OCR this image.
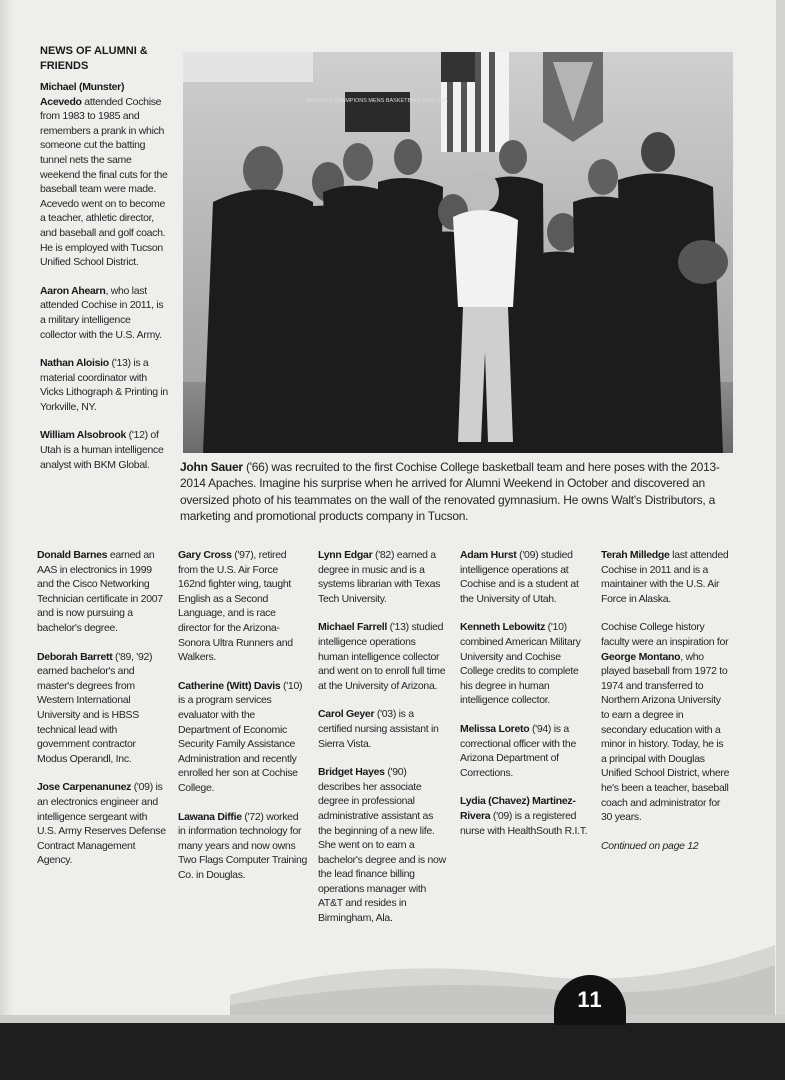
NEWS OF ALUMNI & FRIENDS

Michael (Munster) Acevedo attended Cochise from 1983 to 1985 and remembers a prank in which someone cut the batting tunnel nets the same weekend the final cuts for the baseball team were made. Acevedo went on to become a teacher, athletic director, and baseball and golf coach. He is employed with Tucson Unified School District.

Aaron Ahearn, who last attended Cochise in 2011, is a military intelligence collector with the U.S. Army.

Nathan Aloisio ('13) is a material coordinator with Vicks Lithograph & Printing in Yorkville, NY.

William Alsobrook ('12) of Utah is a human intelligence analyst with BKM Global.

REGION 1 CHAMPIONS MENS BASKETBALL 2010-2011
John Sauer ('66) was recruited to the first Cochise College basketball team and here poses with the 2013-2014 Apaches. Imagine his surprise when he arrived for Alumni Weekend in October and discovered an oversized photo of his teammates on the wall of the renovated gymnasium. He owns Walt's Distributors, a marketing and promotional products company in Tucson.

Donald Barnes earned an AAS in electronics in 1999 and the Cisco Networking Technician certificate in 2007 and is now pursuing a bachelor's degree.

Deborah Barrett ('89, '92) earned bachelor's and master's degrees from Western International University and is HBSS technical lead with government contractor Modus Operandl, Inc.

Jose Carpenanunez ('09) is an electronics engineer and intelligence sergeant with U.S. Army Reserves Defense Contract Management Agency.

Gary Cross ('97), retired from the U.S. Air Force 162nd fighter wing, taught English as a Second Language, and is race director for the Arizona-Sonora Ultra Runners and Walkers.

Catherine (Witt) Davis ('10) is a program services evaluator with the Department of Economic Security Family Assistance Administration and recently enrolled her son at Cochise College.

Lawana Diffie ('72) worked in information technology for many years and now owns Two Flags Computer Training Co. in Douglas.

Lynn Edgar ('82) earned a degree in music and is a systems librarian with Texas Tech University.

Michael Farrell ('13) studied intelligence operations human intelligence collector and went on to enroll full time at the University of Arizona.

Carol Geyer ('03) is a certified nursing assistant in Sierra Vista.

Bridget Hayes ('90) describes her associate degree in professional administrative assistant as the beginning of a new life. She went on to earn a bachelor's degree and is now the lead finance billing operations manager with AT&T and resides in Birmingham, Ala.

Adam Hurst ('09) studied intelligence operations at Cochise and is a student at the University of Utah.

Kenneth Lebowitz ('10) combined American Military University and Cochise College credits to complete his degree in human intelligence collector.

Melissa Loreto ('94) is a correctional officer with the Arizona Department of Corrections.

Lydia (Chavez) Martinez-Rivera ('09) is a registered nurse with HealthSouth R.I.T.

Terah Milledge last attended Cochise in 2011 and is a maintainer with the U.S. Air Force in Alaska.

Cochise College history faculty were an inspiration for George Montano, who played baseball from 1972 to 1974 and transferred to Northern Arizona University to earn a degree in secondary education with a minor in history. Today, he is a principal with Douglas Unified School District, where he's been a teacher, baseball coach and administrator for 30 years.

Continued on page 12

11
